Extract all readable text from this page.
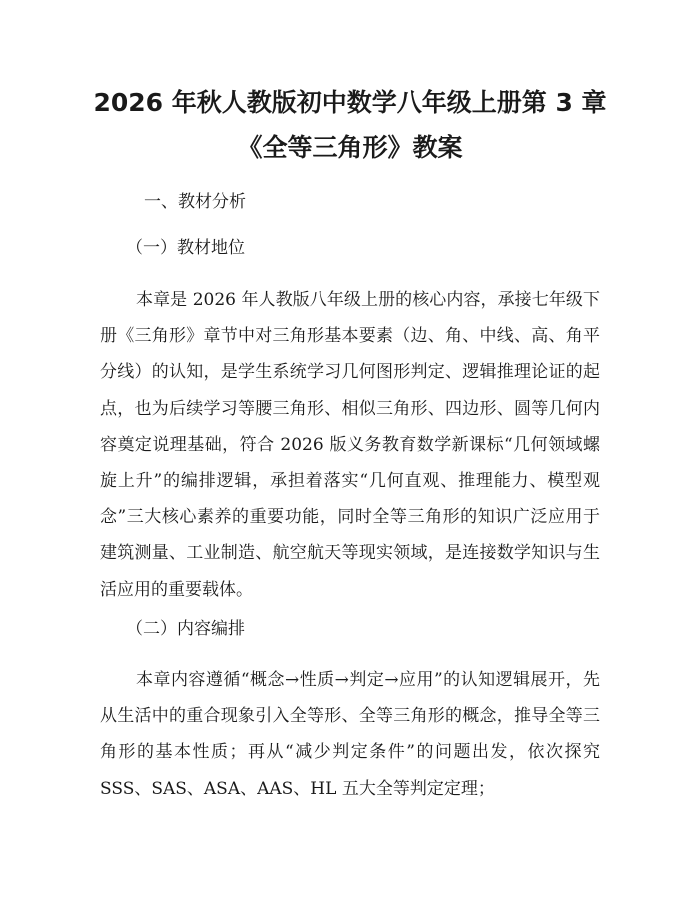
2026 年秋人教版初中数学八年级上册第 3 章
《全等三角形》教案

一、教材分析

（一）教材地位

本章是 2026 年人教版八年级上册的核心内容，承接七年级下册《三角形》章节中对三角形基本要素（边、角、中线、高、角平分线）的认知，是学生系统学习几何图形判定、逻辑推理论证的起点，也为后续学习等腰三角形、相似三角形、四边形、圆等几何内容奠定说理基础，符合 2026 版义务教育数学新课标“几何领域螺旋上升”的编排逻辑，承担着落实“几何直观、推理能力、模型观念”三大核心素养的重要功能，同时全等三角形的知识广泛应用于建筑测量、工业制造、航空航天等现实领域，是连接数学知识与生活应用的重要载体。

（二）内容编排

本章内容遵循“概念→性质→判定→应用”的认知逻辑展开，先从生活中的重合现象引入全等形、全等三角形的概念，推导全等三角形的基本性质；再从“减少判定条件”的问题出发，依次探究 SSS、SAS、ASA、AAS、HL 五大全等判定定理；
